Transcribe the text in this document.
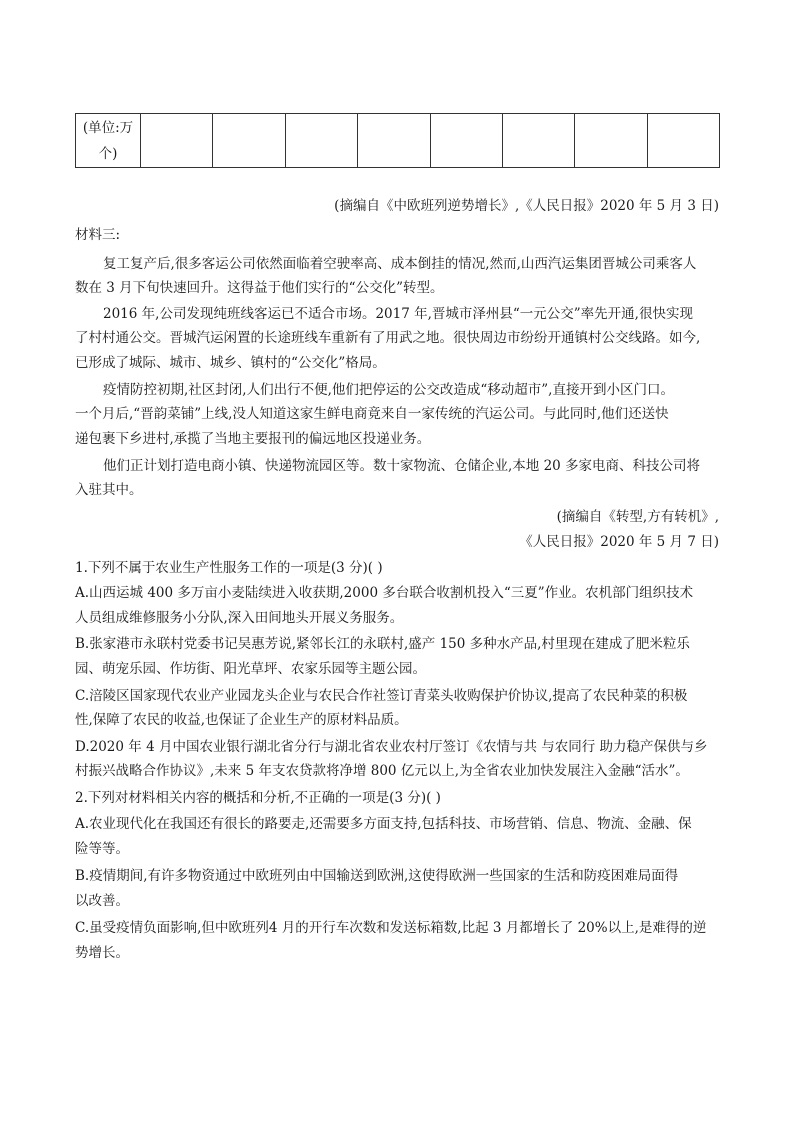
(单位:万
个)

(摘编自《中欧班列逆势增长》,《人民日报》2020 年 5 月 3 日)
材料三:
复工复产后,很多客运公司依然面临着空驶率高、成本倒挂的情况,然而,山西汽运集团晋城公司乘客人
数在 3 月下旬快速回升。这得益于他们实行的“公交化”转型。
2016 年,公司发现纯班线客运已不适合市场。2017 年,晋城市泽州县“一元公交”率先开通,很快实现
了村村通公交。晋城汽运闲置的长途班线车重新有了用武之地。很快周边市纷纷开通镇村公交线路。如今,
已形成了城际、城市、城乡、镇村的“公交化”格局。
疫情防控初期,社区封闭,人们出行不便,他们把停运的公交改造成“移动超市”,直接开到小区门口。
一个月后,“晋韵菜铺”上线,没人知道这家生鲜电商竟来自一家传统的汽运公司。与此同时,他们还送快
递包裹下乡进村,承揽了当地主要报刊的偏远地区投递业务。
他们正计划打造电商小镇、快递物流园区等。数十家物流、仓储企业,本地 20 多家电商、科技公司将
入驻其中。
(摘编自《转型,方有转机》,
《人民日报》2020 年 5 月 7 日)
1.下列不属于农业生产性服务工作的一项是(3 分)( )
A.山西运城 400 多万亩小麦陆续进入收获期,2000 多台联合收割机投入“三夏”作业。农机部门组织技术
人员组成维修服务小分队,深入田间地头开展义务服务。
B.张家港市永联村党委书记吴惠芳说,紧邻长江的永联村,盛产 150 多种水产品,村里现在建成了肥米粒乐
园、萌宠乐园、作坊街、阳光草坪、农家乐园等主题公园。
C.涪陵区国家现代农业产业园龙头企业与农民合作社签订青菜头收购保护价协议,提高了农民种菜的积极
性,保障了农民的收益,也保证了企业生产的原材料品质。
D.2020 年 4 月中国农业银行湖北省分行与湖北省农业农村厅签订《农情与共 与农同行 助力稳产保供与乡
村振兴战略合作协议》,未来 5 年支农贷款将净增 800 亿元以上,为全省农业加快发展注入金融“活水”。
2.下列对材料相关内容的概括和分析,不正确的一项是(3 分)( )
A.农业现代化在我国还有很长的路要走,还需要多方面支持,包括科技、市场营销、信息、物流、金融、保
险等等。
B.疫情期间,有许多物资通过中欧班列由中国输送到欧洲,这使得欧洲一些国家的生活和防疫困难局面得
以改善。
C.虽受疫情负面影响,但中欧班列4 月的开行车次数和发送标箱数,比起 3 月都增长了 20%以上,是难得的逆
势增长。
